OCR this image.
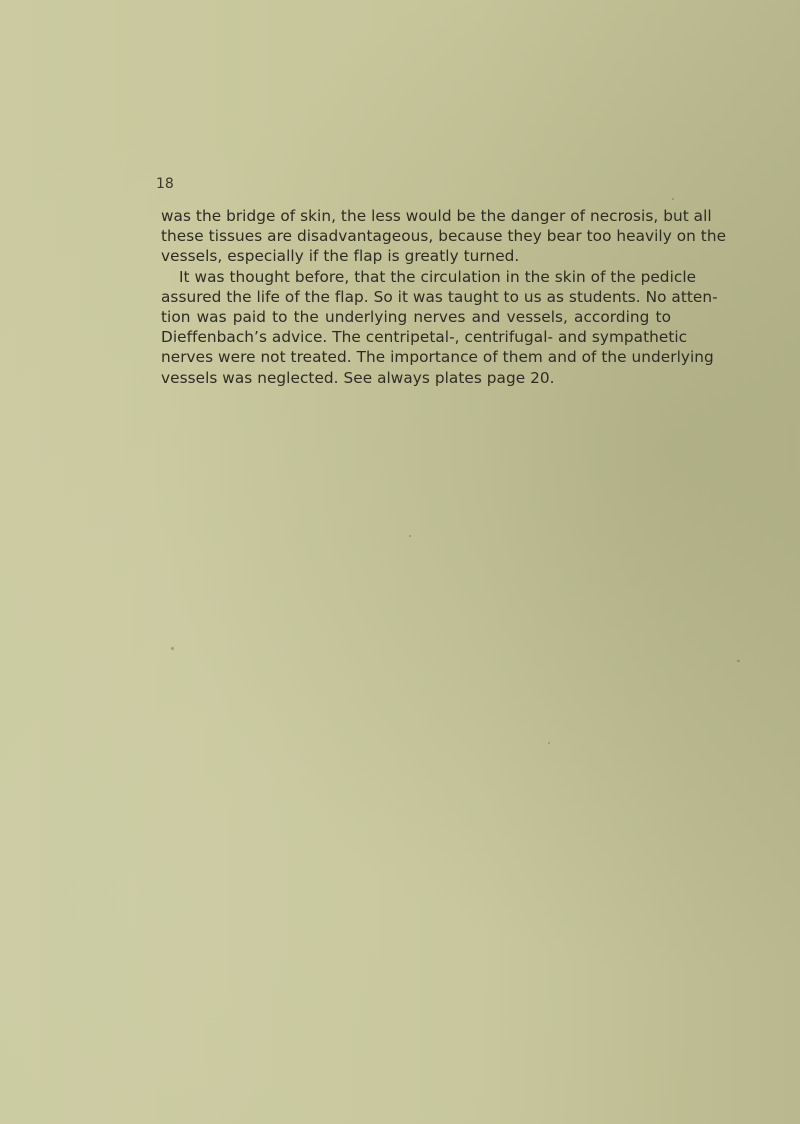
18
was the bridge of skin, the less would be the danger of necrosis, but all
these tissues are disadvantageous, because they bear too heavily on the
vessels, especially if the flap is greatly turned.
It was thought before, that the circulation in the skin of the pedicle
assured the life of the flap. So it was taught to us as students. No atten-
tion was paid to the underlying nerves and vessels, according to
Dieffenbach’s advice. The centripetal-, centrifugal- and sympathetic
nerves were not treated. The importance of them and of the underlying
vessels was neglected. See always plates page 20.
